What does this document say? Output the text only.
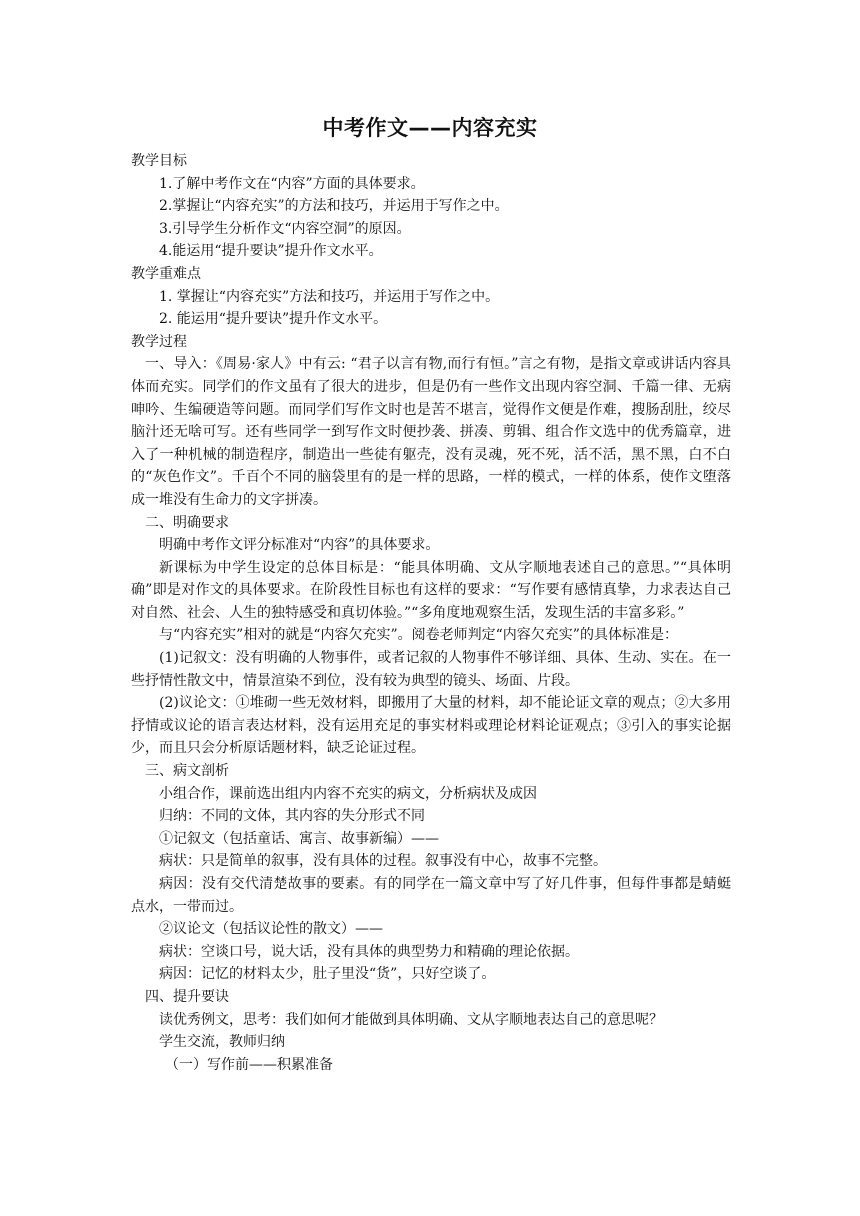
中考作文——内容充实

教学目标

1.了解中考作文在“内容”方面的具体要求。

2.掌握让“内容充实”的方法和技巧，并运用于写作之中。

3.引导学生分析作文“内容空洞”的原因。

4.能运用“提升要诀”提升作文水平。

教学重难点

1. 掌握让“内容充实”方法和技巧，并运用于写作之中。

2. 能运用“提升要诀”提升作文水平。

教学过程

一、导入：《周易·家人》中有云: “君子以言有物,而行有恒。”言之有物，是指文章或讲话内容具体而充实。同学们的作文虽有了很大的进步，但是仍有一些作文出现内容空洞、千篇一律、无病呻吟、生编硬造等问题。而同学们写作文时也是苦不堪言，觉得作文便是作难，搜肠刮肚，绞尽脑汁还无啥可写。还有些同学一到写作文时便抄袭、拼凑、剪辑、组合作文选中的优秀篇章，进入了一种机械的制造程序，制造出一些徒有躯壳，没有灵魂，死不死，活不活，黑不黑，白不白的“灰色作文”。千百个不同的脑袋里有的是一样的思路，一样的模式，一样的体系，使作文堕落成一堆没有生命力的文字拼凑。

二、明确要求

明确中考作文评分标准对“内容”的具体要求。

新课标为中学生设定的总体目标是：“能具体明确、文从字顺地表述自己的意思。”“具体明确”即是对作文的具体要求。在阶段性目标也有这样的要求：“写作要有感情真挚，力求表达自己对自然、社会、人生的独特感受和真切体验。”“多角度地观察生活，发现生活的丰富多彩。”

与“内容充实”相对的就是“内容欠充实”。阅卷老师判定“内容欠充实”的具体标准是：

(1)记叙文：没有明确的人物事件，或者记叙的人物事件不够详细、具体、生动、实在。在一些抒情性散文中，情景渲染不到位，没有较为典型的镜头、场面、片段。

(2)议论文：①堆砌一些无效材料，即搬用了大量的材料，却不能论证文章的观点；②大多用抒情或议论的语言表达材料，没有运用充足的事实材料或理论材料论证观点；③引入的事实论据少，而且只会分析原话题材料，缺乏论证过程。

三、病文剖析

小组合作，课前选出组内内容不充实的病文，分析病状及成因

归纳：不同的文体，其内容的失分形式不同

①记叙文（包括童话、寓言、故事新编）——

病状：只是简单的叙事，没有具体的过程。叙事没有中心，故事不完整。

病因：没有交代清楚故事的要素。有的同学在一篇文章中写了好几件事，但每件事都是蜻蜓点水，一带而过。

②议论文（包括议论性的散文）——

病状：空谈口号，说大话，没有具体的典型势力和精确的理论依据。

病因：记忆的材料太少，肚子里没“货”，只好空谈了。

四、提升要诀

读优秀例文，思考：我们如何才能做到具体明确、文从字顺地表达自己的意思呢？

学生交流，教师归纳

（一）写作前——积累准备
